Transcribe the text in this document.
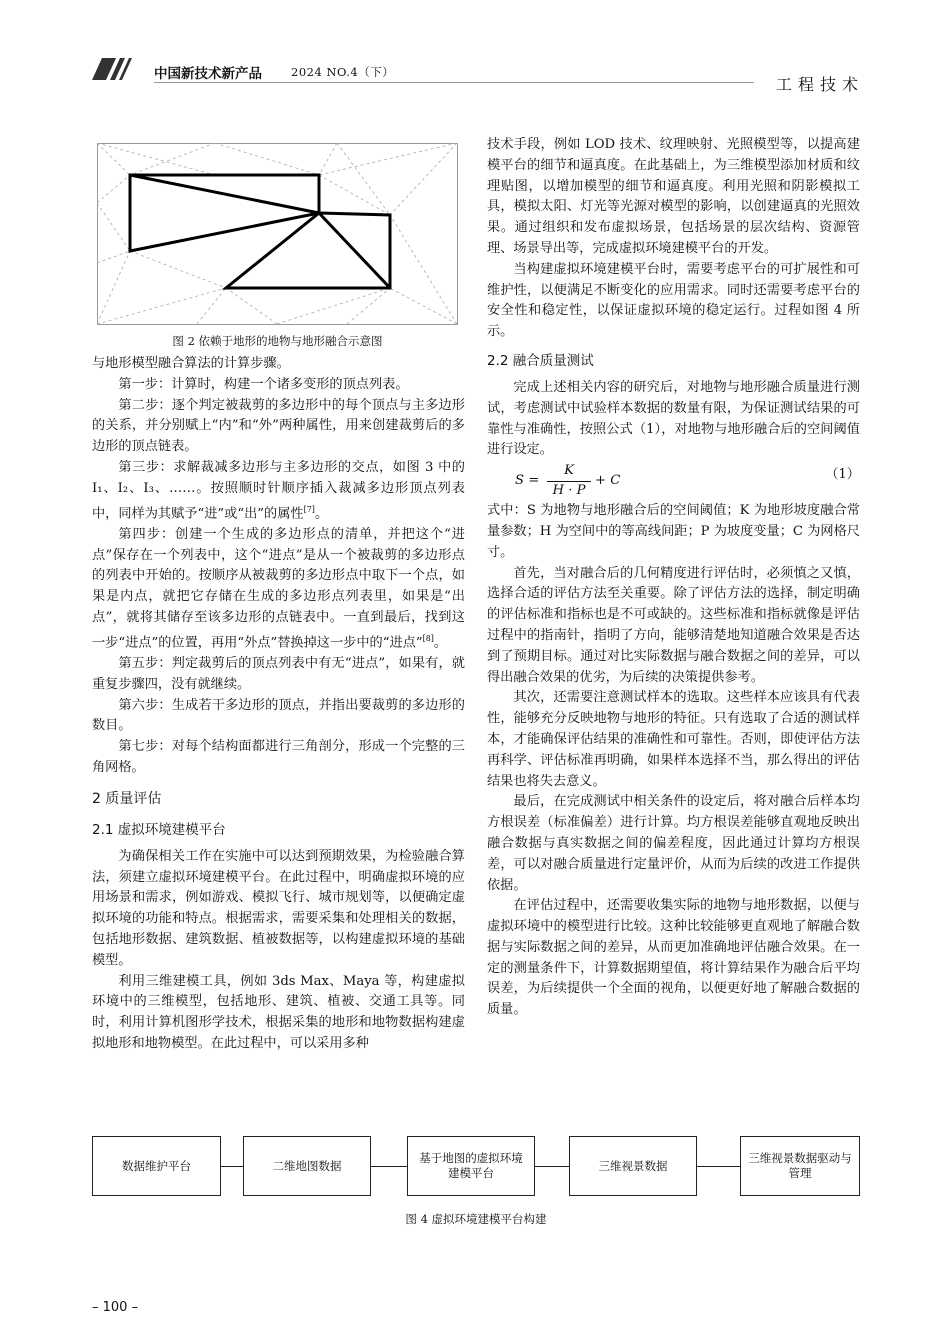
中国新技术新产品	2024 NO.4（下）
工程技术
图 2 依赖于地形的地物与地形融合示意图

与地形模型融合算法的计算步骤。

第一步：计算时，构建一个诸多变形的顶点列表。

第二步：逐个判定被裁剪的多边形中的每个顶点与主多边形的关系，并分别赋上“内”和“外”两种属性，用来创建裁剪后的多边形的顶点链表。

第三步：求解裁减多边形与主多边形的交点，如图 3 中的 I₁、I₂、I₃、……。按照顺时针顺序插入裁减多边形顶点列表中，同样为其赋予“进”或“出”的属性[7]。

第四步：创建一个生成的多边形点的清单，并把这个“进点”保存在一个列表中，这个“进点”是从一个被裁剪的多边形点的列表中开始的。按顺序从被裁剪的多边形点中取下一个点，如果是内点，就把它存储在生成的多边形点列表里，如果是“出点”，就将其储存至该多边形的点链表中。一直到最后，找到这一步“进点”的位置，再用“外点”替换掉这一步中的“进点”[8]。

第五步：判定裁剪后的顶点列表中有无“进点”，如果有，就重复步骤四，没有就继续。

第六步：生成若干多边形的顶点，并指出要裁剪的多边形的数目。

第七步：对每个结构面都进行三角剖分，形成一个完整的三角网格。

2 质量评估
2.1 虚拟环境建模平台

为确保相关工作在实施中可以达到预期效果，为检验融合算法，须建立虚拟环境建模平台。在此过程中，明确虚拟环境的应用场景和需求，例如游戏、模拟飞行、城市规划等，以便确定虚拟环境的功能和特点。根据需求，需要采集和处理相关的数据，包括地形数据、建筑数据、植被数据等，以构建虚拟环境的基础模型。

利用三维建模工具，例如 3ds Max、Maya 等，构建虚拟环境中的三维模型，包括地形、建筑、植被、交通工具等。同时，利用计算机图形学技术，根据采集的地形和地物数据构建虚拟地形和地物模型。在此过程中，可以采用多种

技术手段，例如 LOD 技术、纹理映射、光照模型等，以提高建模平台的细节和逼真度。在此基础上，为三维模型添加材质和纹理贴图，以增加模型的细节和逼真度。利用光照和阴影模拟工具，模拟太阳、灯光等光源对模型的影响，以创建逼真的光照效果。通过组织和发布虚拟场景，包括场景的层次结构、资源管理、场景导出等，完成虚拟环境建模平台的开发。

当构建虚拟环境建模平台时，需要考虑平台的可扩展性和可维护性，以便满足不断变化的应用需求。同时还需要考虑平台的安全性和稳定性，以保证虚拟环境的稳定运行。过程如图 4 所示。

2.2 融合质量测试

完成上述相关内容的研究后，对地物与地形融合质量进行测试，考虑测试中试验样本数据的数量有限，为保证测试结果的可靠性与准确性，按照公式（1），对地物与地形融合后的空间阈值进行设定。

S =
K
H · P
+ C	（1）

式中：S 为地物与地形融合后的空间阈值；K 为地形坡度融合常量参数；H 为空间中的等高线间距；P 为坡度变量；C 为网格尺寸。

首先，当对融合后的几何精度进行评估时，必须慎之又慎，选择合适的评估方法至关重要。除了评估方法的选择，制定明确的评估标准和指标也是不可或缺的。这些标准和指标就像是评估过程中的指南针，指明了方向，能够清楚地知道融合效果是否达到了预期目标。通过对比实际数据与融合数据之间的差异，可以得出融合效果的优劣，为后续的决策提供参考。

其次，还需要注意测试样本的选取。这些样本应该具有代表性，能够充分反映地物与地形的特征。只有选取了合适的测试样本，才能确保评估结果的准确性和可靠性。否则，即使评估方法再科学、评估标准再明确，如果样本选择不当，那么得出的评估结果也将失去意义。

最后，在完成测试中相关条件的设定后，将对融合后样本均方根误差（标准偏差）进行计算。均方根误差能够直观地反映出融合数据与真实数据之间的偏差程度，因此通过计算均方根误差，可以对融合质量进行定量评价，从而为后续的改进工作提供依据。

在评估过程中，还需要收集实际的地物与地形数据，以便与虚拟环境中的模型进行比较。这种比较能够更直观地了解融合数据与实际数据之间的差异，从而更加准确地评估融合效果。在一定的测量条件下，计算数据期望值，将计算结果作为融合后平均误差，为后续提供一个全面的视角，以便更好地了解融合数据的质量。

数据维护平台	二维地图数据
基于地图的虚拟环境建模平台
三维视景数据
三维视景数据驱动与管理
图 4 虚拟环境建模平台构建
– 100 –
